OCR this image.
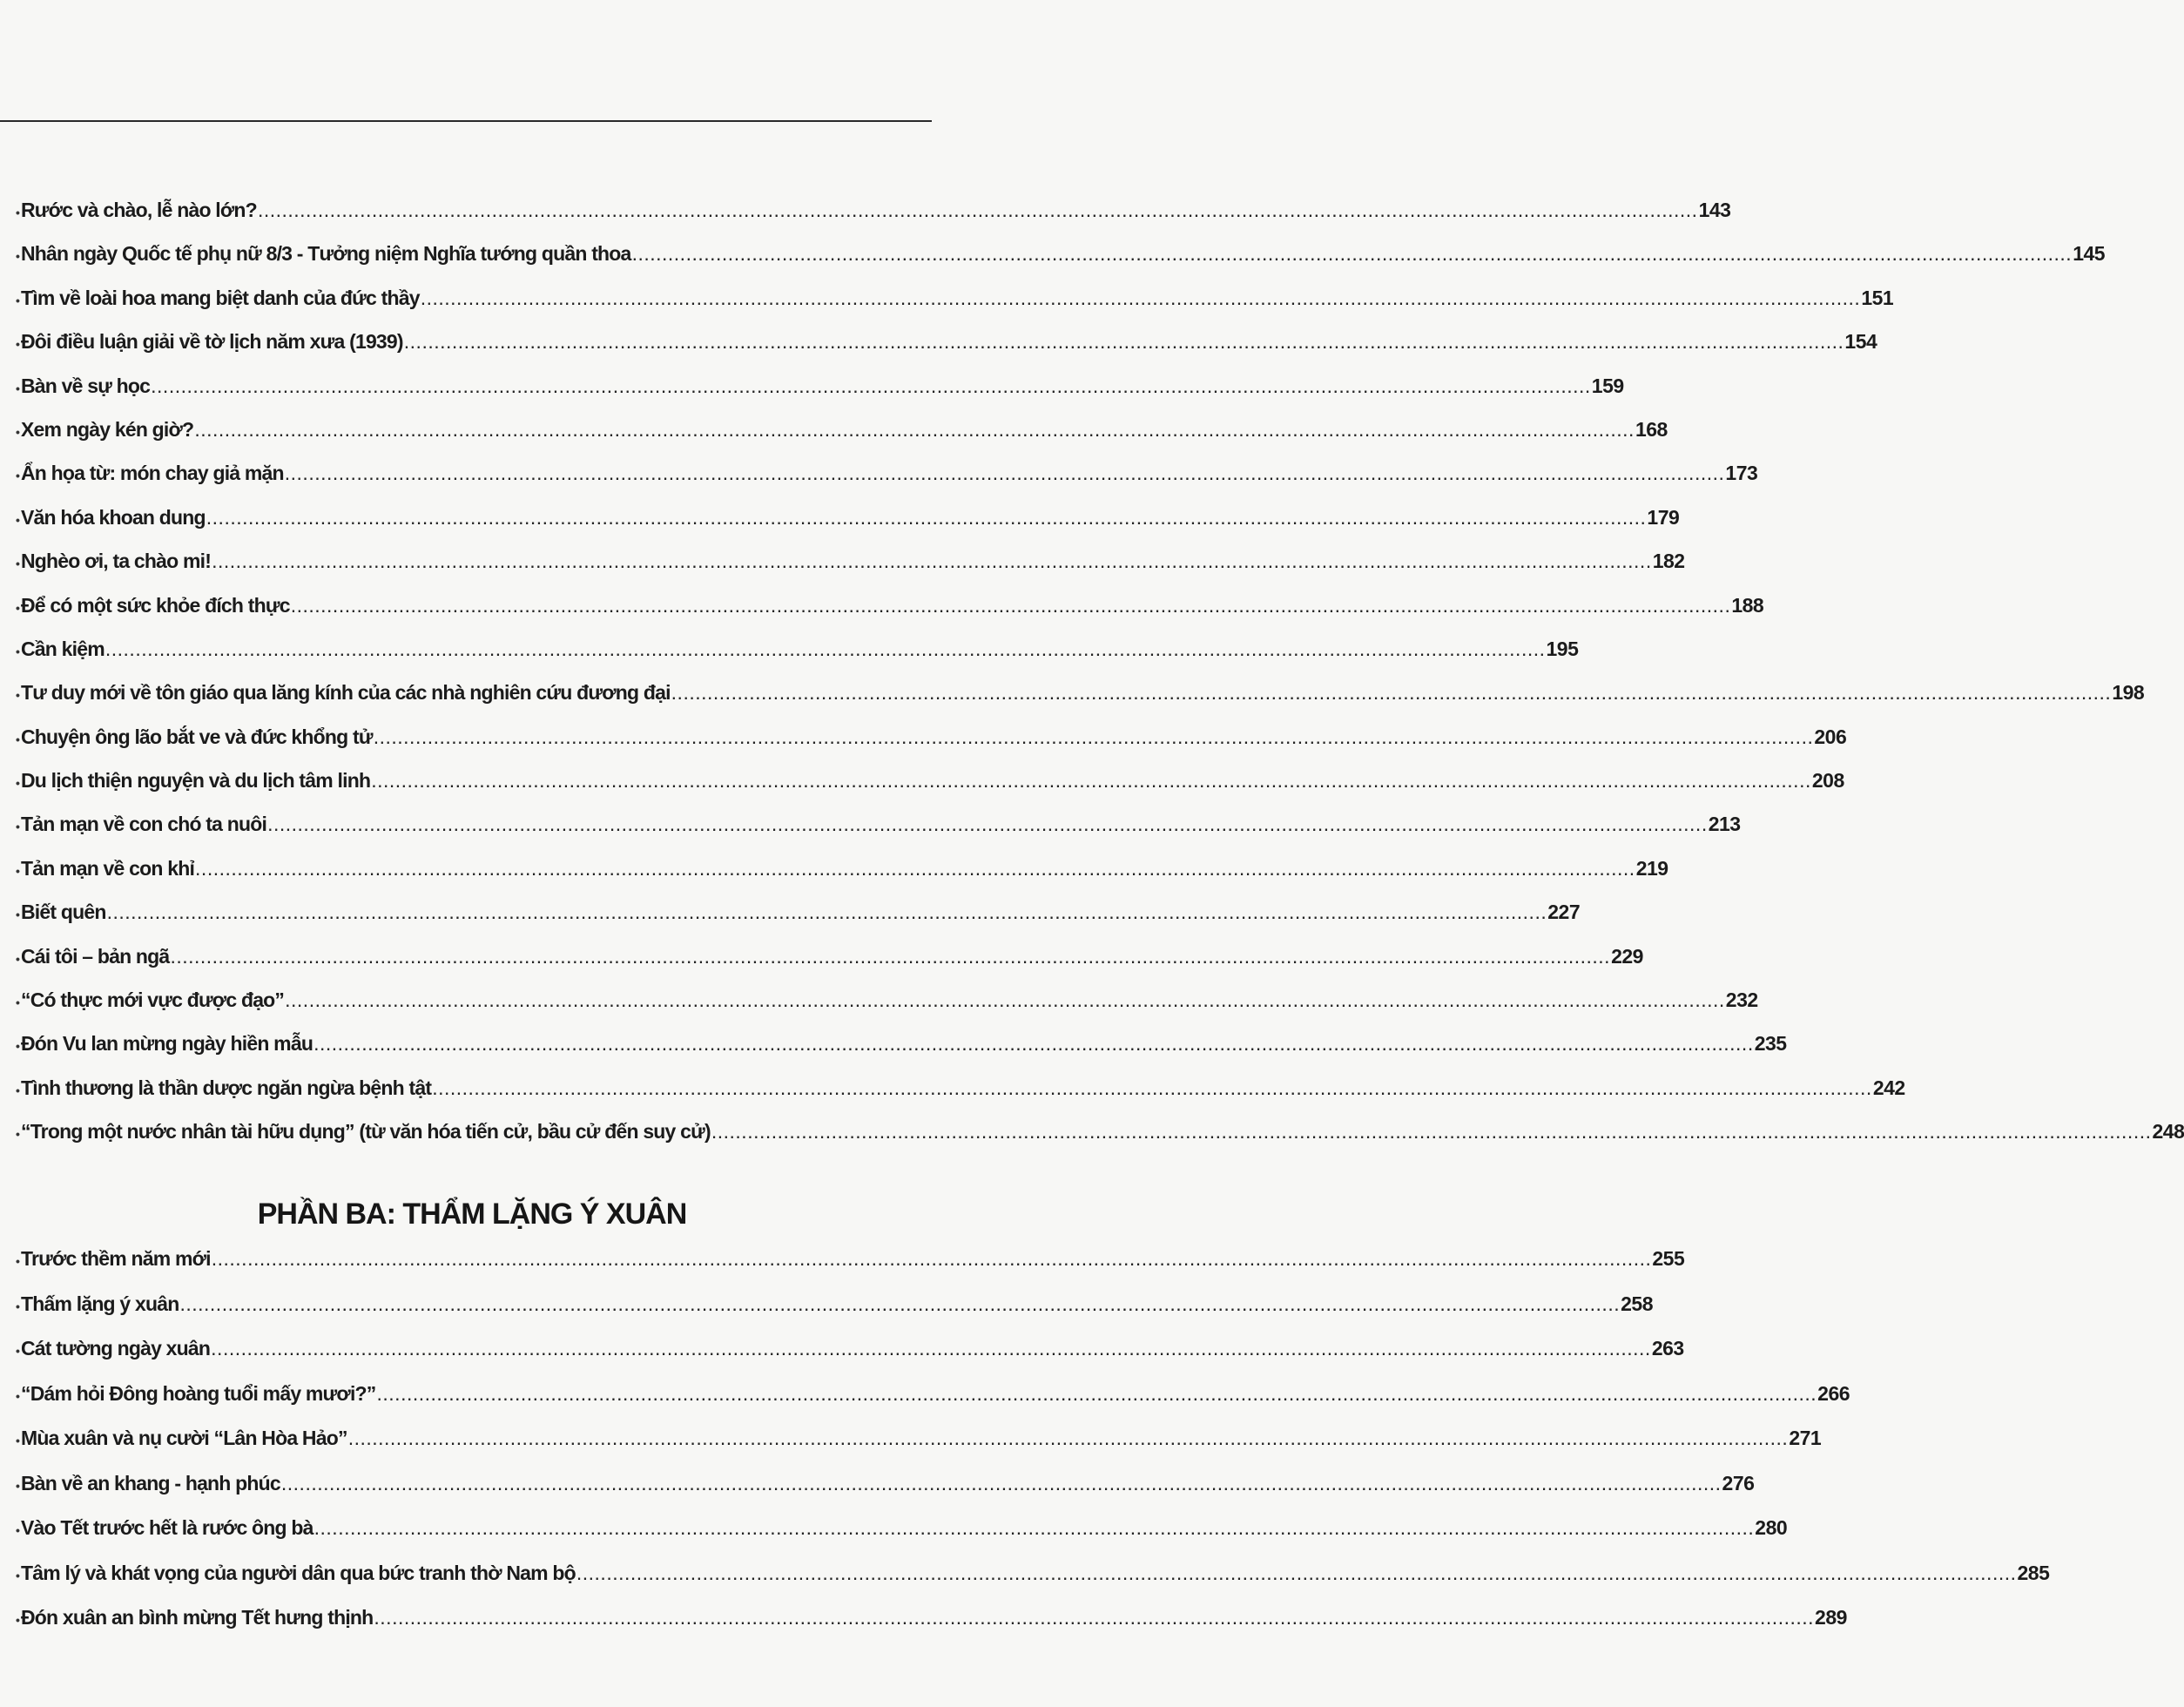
• Rước và chào, lễ nào lớn? .....	143
• Nhân ngày Quốc tế phụ nữ 8/3 - Tưởng niệm Nghĩa tướng quần thoa .....	145
• Tìm về loài hoa mang biệt danh của đức thầy .....	151
• Đôi điều luận giải về tờ lịch năm xưa (1939) .....	154
• Bàn về sự học .....	159
• Xem ngày kén giờ? .....	168
• Ẩn họa từ: món chay giả mặn .....	173
• Văn hóa khoan dung .....	179
• Nghèo ơi, ta chào mi! .....	182
• Để có một sức khỏe đích thực .....	188
• Cần kiệm .....	195
• Tư duy mới về tôn giáo qua lăng kính của các nhà nghiên cứu đương đại .....	198
• Chuyện ông lão bắt ve và đức khổng tử .....	206
• Du lịch thiện nguyện và du lịch tâm linh .....	208
• Tản mạn về con chó ta nuôi .....	213
• Tản mạn về con khỉ .....	219
• Biết quên .....	227
• Cái tôi – bản ngã .....	229
• “Có thực mới vực được đạo” .....	232
• Đón Vu lan mừng ngày hiền mẫu .....	235
• Tình thương là thần dược ngăn ngừa bệnh tật .....	242
• “Trong một nước nhân tài hữu dụng” (từ văn hóa tiến cử, bầu cử đến suy cử) .....	248
PHẦN BA: THẨM LẶNG Ý XUÂN
• Trước thềm năm mới .....	255
• Thấm lặng ý xuân .....	258
• Cát tường ngày xuân .....	263
• “Dám hỏi Đông hoàng tuổi mấy mươi?” .....	266
• Mùa xuân và nụ cười “Lân Hòa Hảo” .....	271
• Bàn về an khang - hạnh phúc .....	276
• Vào Tết trước hết là rước ông bà .....	280
• Tâm lý và khát vọng của người dân qua bức tranh thờ Nam bộ .....	285
• Đón xuân an bình mừng Tết hưng thịnh .....	289
